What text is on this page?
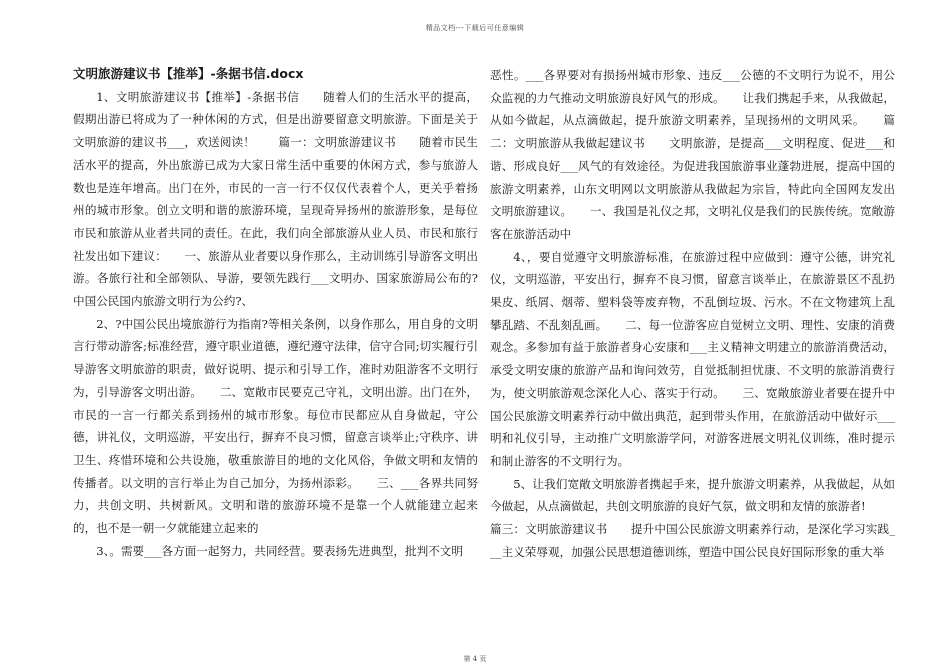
精品文档---下载后可任意编辑

文明旅游建议书【推举】-条据书信.docx

1、文明旅游建议书【推举】-条据书信　　随着人们的生活水平的提高，假期出游已将成为了一种休闲的方式，但是出游要留意文明旅游。下面是关于文明旅游的建议书___，欢送阅读！　　篇一：文明旅游建议书　　随着市民生活水平的提高，外出旅游已成为大家日常生活中重要的休闲方式，参与旅游人数也是连年增高。出门在外，市民的一言一行不仅仅代表着个人，更关乎着扬州的城市形象。创立文明和谐的旅游环境，呈现奇异扬州的旅游形象，是每位市民和旅游从业者共同的责任。在此，我们向全部旅游从业人员、市民和旅行社发出如下建议：　　一、旅游从业者要以身作那么，主动训练引导游客文明出游。各旅行社和全部领队、导游，要领先践行___文明办、国家旅游局公布的?中国公民国内旅游文明行为公约?、

2、?中国公民出境旅游行为指南?等相关条例，以身作那么，用自身的文明言行带动游客;标准经营，遵守职业道德，遵纪遵守法律，信守合同;切实履行引导游客文明旅游的职责，做好说明、提示和引导工作，准时劝阻游客不文明行为，引导游客文明出游。　　二、宽敞市民要克己守礼，文明出游。出门在外，市民的一言一行都关系到扬州的城市形象。每位市民都应从自身做起，守公德，讲礼仪，文明巡游，平安出行，摒弃不良习惯，留意言谈举止;守秩序、讲卫生、疼惜环境和公共设施，敬重旅游目的地的文化风俗，争做文明和友情的传播者。以文明的言行举止为自己加分，为扬州添彩。　　三、___各界共同努力，共创文明、共树新风。文明和谐的旅游环境不是靠一个人就能建立起来的，也不是一朝一夕就能建立起来的

3、。需要___各方面一起努力，共同经营。要表扬先进典型，批判不文明

恶性。___各界要对有损扬州城市形象、违反___公德的不文明行为说不，用公众监视的力气推动文明旅游良好风气的形成。　　让我们携起手来，从我做起，从如今做起，从点滴做起，提升旅游文明素养，呈现扬州的文明风采。　　篇二：文明旅游从我做起建议书　　文明旅游，是提高___文明程度、促进___和谐、形成良好___风气的有效途径。为促进我国旅游事业蓬勃进展，提高中国的旅游文明素养，山东文明网以文明旅游从我做起为宗旨，特此向全国网友发出文明旅游建议。　　一、我国是礼仪之邦，文明礼仪是我们的民族传统。宽敞游客在旅游活动中

4、，要自觉遵守文明旅游标准，在旅游过程中应做到：遵守公德，讲究礼仪，文明巡游，平安出行，摒弃不良习惯，留意言谈举止，在旅游景区不乱扔果皮、纸屑、烟蒂、塑料袋等废弃物，不乱倒垃圾、污水。不在文物建筑上乱攀乱踏、不乱刻乱画。　　二、每一位游客应自觉树立文明、理性、安康的消费观念。多参加有益于旅游者身心安康和___主义精神文明建立的旅游消费活动，承受文明安康的旅游产品和询问效劳，自觉抵制担忧康、不文明的旅游消费行为，使文明旅游观念深化人心、落实于行动。　　三、宽敞旅游业者要在提升中国公民旅游文明素养行动中做出典范，起到带头作用，在旅游活动中做好示___明和礼仪引导，主动推广文明旅游学问，对游客进展文明礼仪训练，准时提示和制止游客的不文明行为。

5、让我们宽敞文明旅游者携起手来，提升旅游文明素养，从我做起，从如今做起，从点滴做起，共创文明旅游的良好气氛，做文明和友情的旅游者!

篇三：文明旅游建议书　　提升中国公民旅游文明素养行动，是深化学习实践___主义荣辱观，加强公民思想道德训练，塑造中国公民良好国际形象的重大举

第 4 页
